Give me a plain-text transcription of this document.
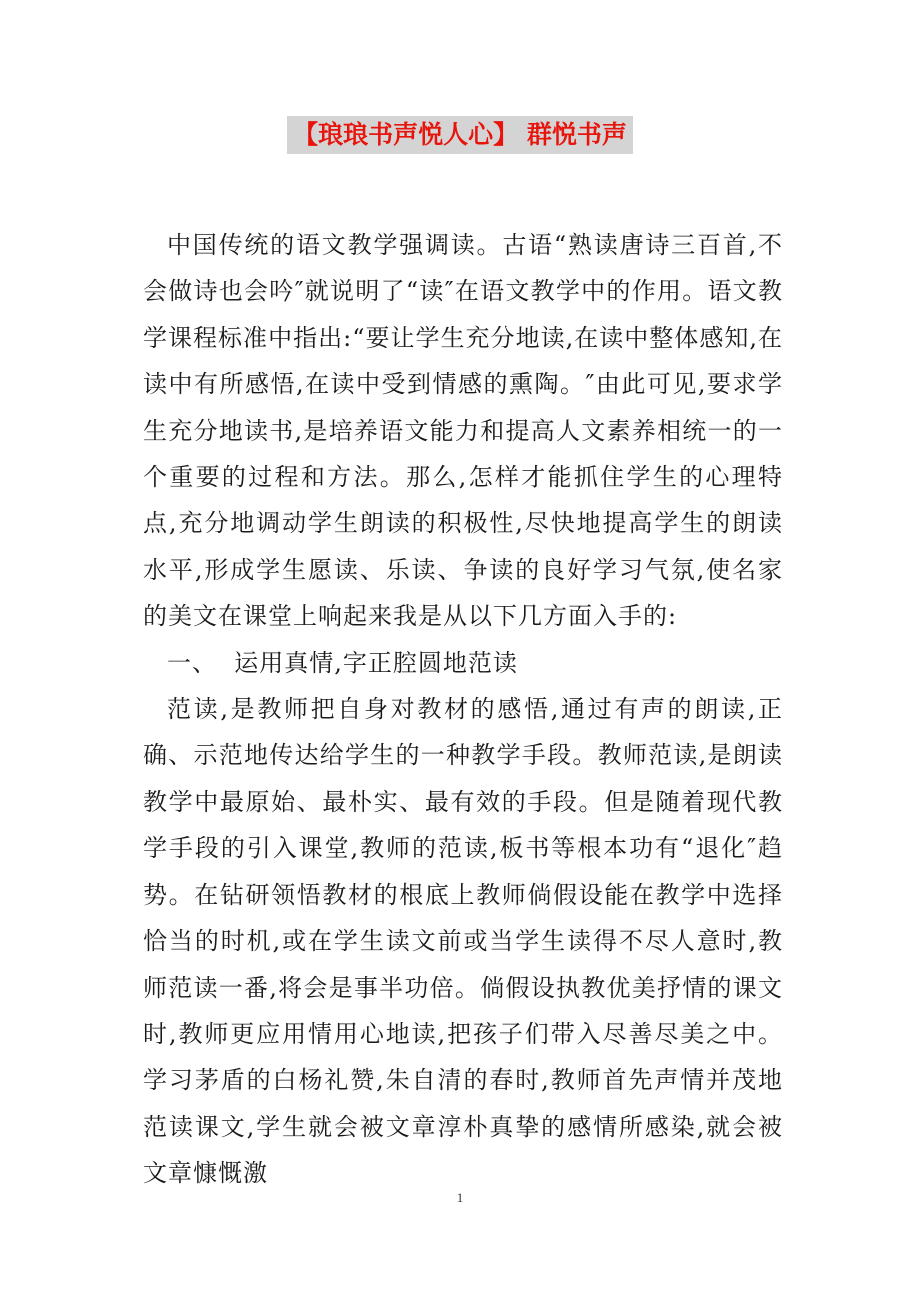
【琅琅书声悦人心】 群悦书声

中国传统的语文教学强调读。古语“熟读唐诗三百首,不会做诗也会吟″就说明了“读″在语文教学中的作用。语文教学课程标准中指出:“要让学生充分地读,在读中整体感知,在读中有所感悟,在读中受到情感的熏陶。″由此可见,要求学生充分地读书,是培养语文能力和提高人文素养相统一的一个重要的过程和方法。那么,怎样才能抓住学生的心理特点,充分地调动学生朗读的积极性,尽快地提高学生的朗读水平,形成学生愿读、乐读、争读的良好学习气氛,使名家的美文在课堂上响起来我是从以下几方面入手的:

一、  运用真情,字正腔圆地范读

范读,是教师把自身对教材的感悟,通过有声的朗读,正确、示范地传达给学生的一种教学手段。教师范读,是朗读教学中最原始、最朴实、最有效的手段。但是随着现代教学手段的引入课堂,教师的范读,板书等根本功有“退化″趋势。在钻研领悟教材的根底上教师倘假设能在教学中选择恰当的时机,或在学生读文前或当学生读得不尽人意时,教师范读一番,将会是事半功倍。倘假设执教优美抒情的课文时,教师更应用情用心地读,把孩子们带入尽善尽美之中。学习茅盾的白杨礼赞,朱自清的春时,教师首先声情并茂地范读课文,学生就会被文章淳朴真挚的感情所感染,就会被文章慷慨激

1
